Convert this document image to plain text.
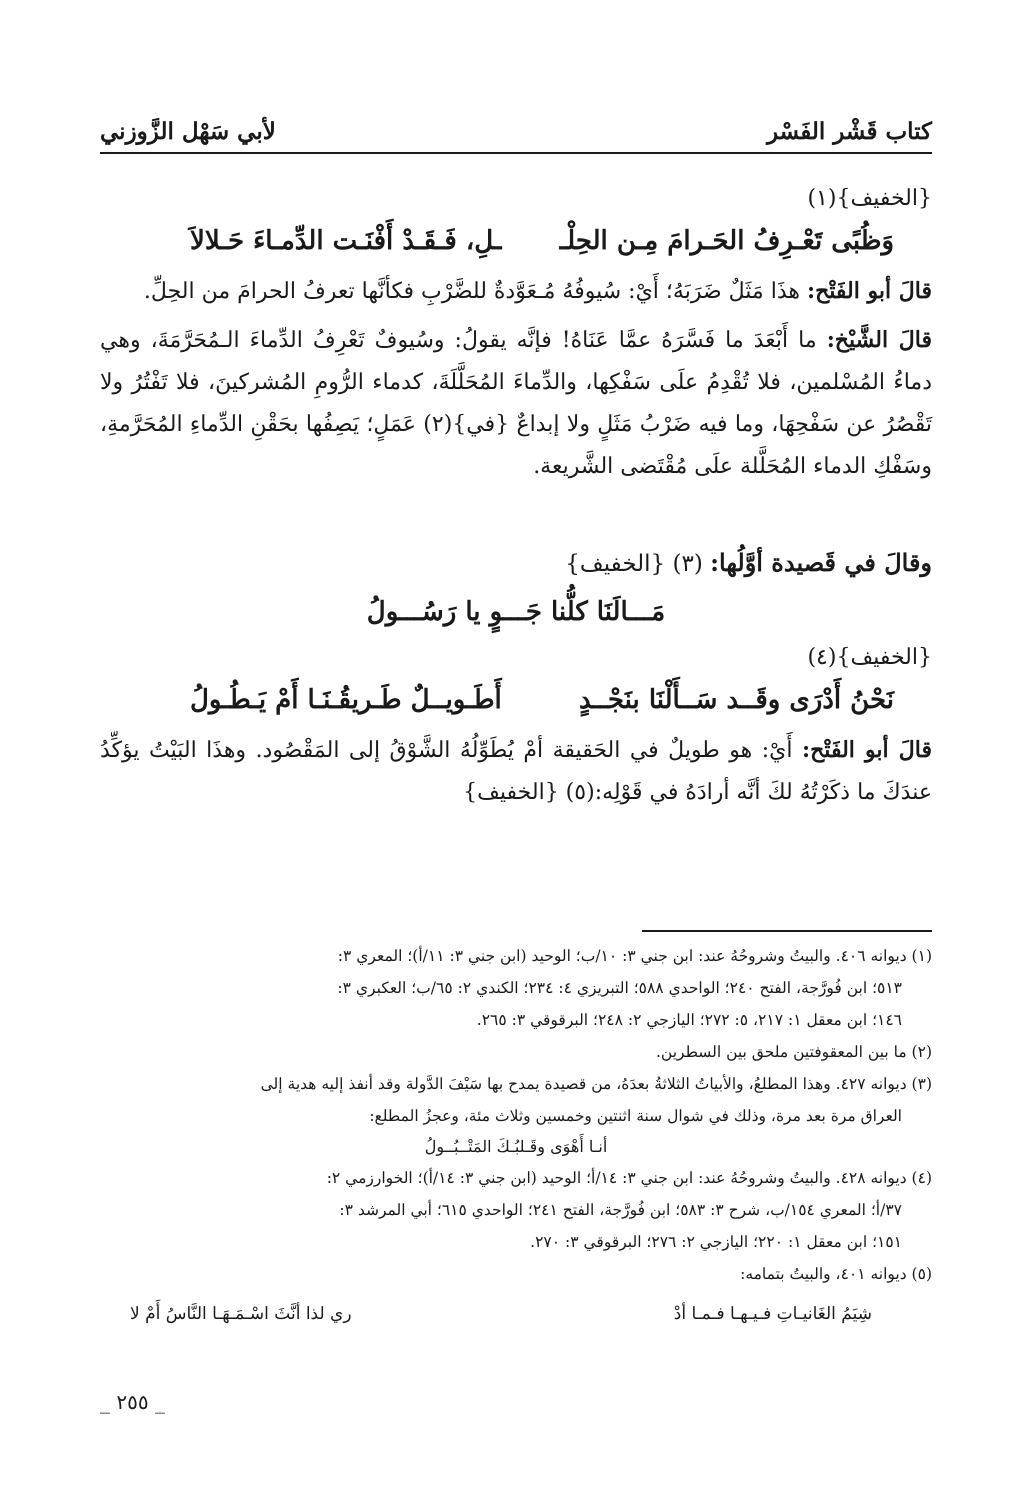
كتاب قَشْر الفَسْر
لأبي سَهْل الزَّوزني
{الخفيف}(١)
وَظُبًى تَعْـرِفُ الحَـرامَ مِـن الحِلْـ
ـلِ، فَـقَـدْ أَفْنَـت الدِّمـاءَ حَـلالاَ

قالَ أبو الفَتْح: هذَا مَثَلٌ ضَرَبَهُ؛ أَيْ: سُيوفُهُ مُـعَوَّدةٌ للضَّرْبِ فكأنَّها تعرفُ الحرامَ من الحِلِّ.

قالَ الشَّيْخ: ما أَبْعَدَ ما فَسَّرَهُ عمَّا عَنَاهُ! فإنَّه يقولُ: وسُيوفٌ تَعْرِفُ الدِّماءَ الـمُحَرَّمَةَ، وهي دماءُ المُسْلمين، فلا تُقْدِمُ علَى سَفْكِها، والدِّماءَ المُحَلَّلَةَ، كدماء الرُّومِ المُشركينَ، فلا تَفْتُرُ ولا تَقْصُرُ عن سَفْحِهَا، وما فيه ضَرْبُ مَثَلٍ ولا إبداعٌ {في}(٢) عَمَلٍ؛ يَصِفُها بحَقْنِ الدِّماءِ المُحَرَّمةِ، وسَفْكِ الدماء المُحَلَّلة علَى مُقْتَضى الشَّريعة.

وقالَ في قَصيدة أوَّلُها: (٣) {الخفيف}

مَـــالَنَا كلُّنا جَـــوٍ يا رَسُـــولُ
{الخفيف}(٤)
نَحْنُ أَدْرَى وقَــد سَــأَلْنَا بنَجْــدٍ
أَطَـويــلٌ طَـريقُـنَـا أَمْ يَـطُـولُ

قالَ أبو الفَتْح: أَيْ: هو طويلٌ في الحَقيقة أمْ يُطَوِّلُهُ الشَّوْقُ إلى المَقْصُود. وهذَا البَيْتُ يؤكِّدُ عندَكَ ما ذكَرْتُهُ لكَ أنَّه أرادَهُ في قَوْلِه:(٥) {الخفيف}

(١) ديوانه ٤٠٦. والبيتُ وشروحُهُ عند: ابن جني ٣: ١٠/ب؛ الوحيد (ابن جني ٣: ١١/أ)؛ المعري ٣:

٥١٣؛ ابن فُورَّجة، الفتح ٢٤٠؛ الواحدي ٥٨٨؛ التبريزي ٤: ٢٣٤؛ الكندي ٢: ٦٥/ب؛ العكبري ٣:

١٤٦؛ ابن معقل ١: ٢١٧، ٥: ٢٧٢؛ اليازجي ٢: ٢٤٨؛ البرقوقي ٣: ٢٦٥.

(٢) ما بين المعقوفتين ملحق بين السطرين.

(٣) ديوانه ٤٢٧. وهذا المطلعُ، والأبياتُ الثلاثةُ بعدَهُ، من قصيدة يمدح بها سَيْفَ الدَّولة وقد أنفذ إليه هدية إلى

العراق مرة بعد مرة، وذلك في شوال سنة اثنتين وخمسين وثلاث مئة، وعجزُ المطلع:

أنـا أَهْوَى وقَـلبُـكَ المَتْــبُــولُ

(٤) ديوانه ٤٢٨. والبيتُ وشروحُهُ عند: ابن جني ٣: ١٤/أ؛ الوحيد (ابن جني ٣: ١٤/أ)؛ الخوارزمي ٢:

٣٧/أ؛ المعري ١٥٤/ب، شرح ٣: ٥٨٣؛ ابن فُورَّجة، الفتح ٢٤١؛ الواحدي ٦١٥؛ أبي المرشد ٣:

١٥١؛ ابن معقل ١: ٢٢٠؛ اليازجي ٢: ٢٧٦؛ البرقوقي ٣: ٢٧٠.

(٥) ديوانه ٤٠١، والبيتُ بتمامه:

شِيَمُ الغَانيـاتِ فـيـهـا فـمـا أدْ
ري لذا أنَّثَ اسْـمَـهَـا النَّاسُ أَمْ لا
_ ٢٥٥ _
